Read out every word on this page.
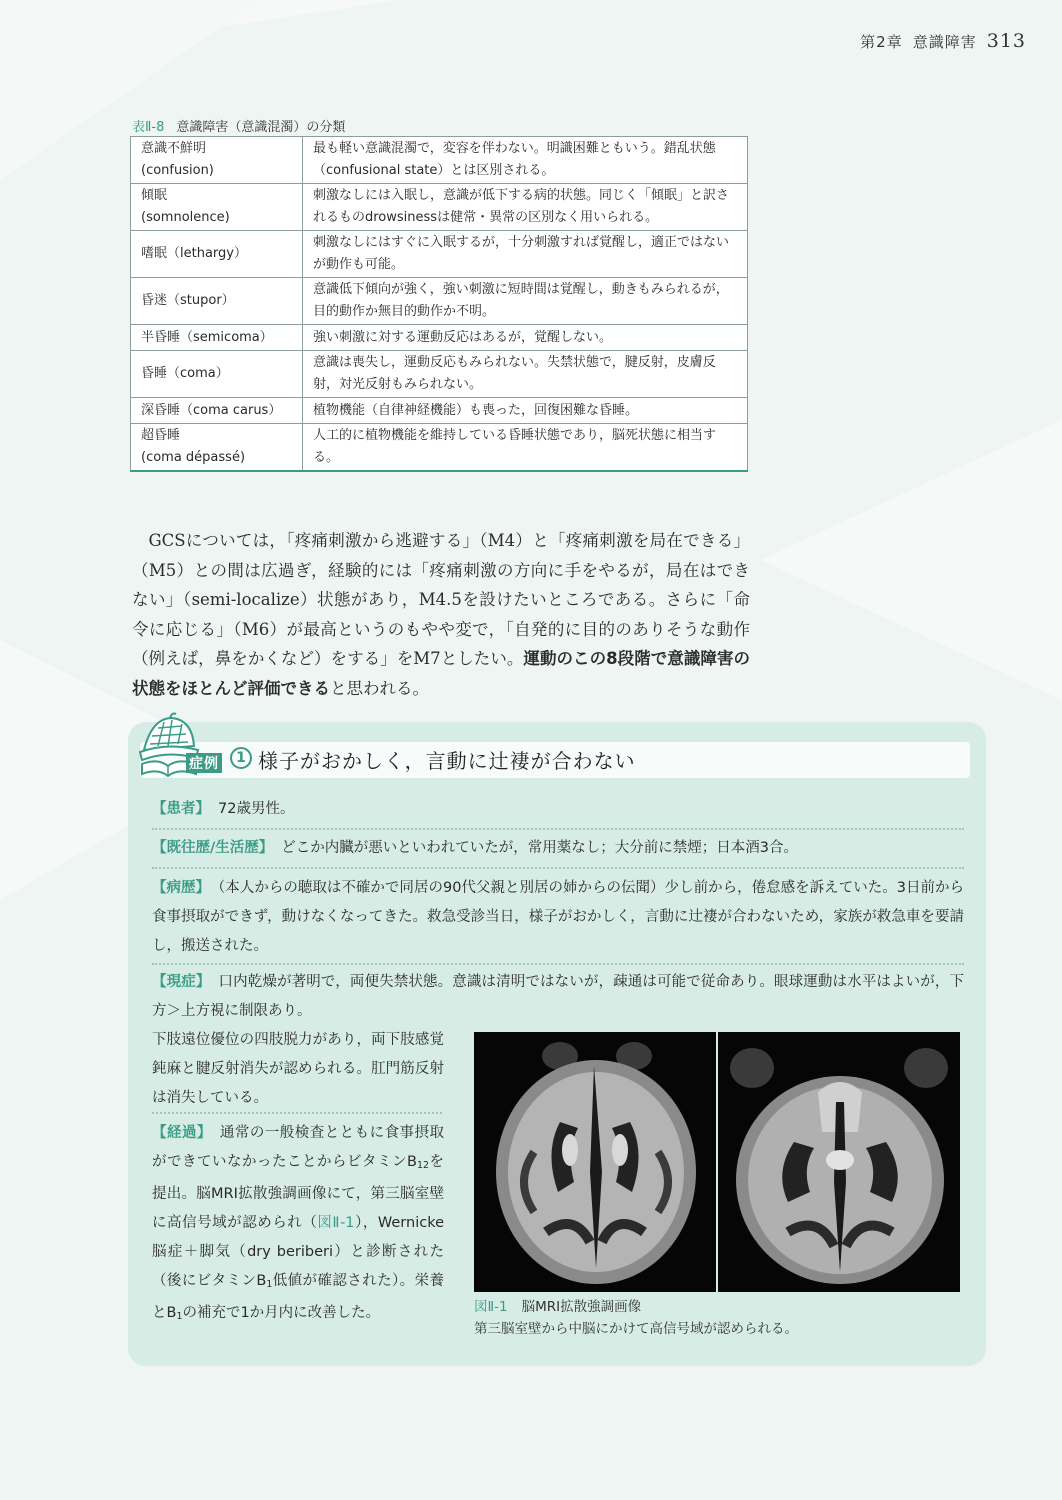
第2章 意識障害 313
表Ⅱ-8 意識障害（意識混濁）の分類
意識不鮮明
(confusion)	最も軽い意識混濁で，変容を伴わない。明識困難ともいう。錯乱状態（confusional state）とは区別される。
傾眠
(somnolence)	刺激なしには入眠し，意識が低下する病的状態。同じく「傾眠」と訳されるものdrowsinessは健常・異常の区別なく用いられる。
嗜眠（lethargy）	刺激なしにはすぐに入眠するが，十分刺激すれば覚醒し，適正ではないが動作も可能。
昏迷（stupor）	意識低下傾向が強く，強い刺激に短時間は覚醒し，動きもみられるが，目的動作か無目的動作か不明。
半昏睡（semicoma）	強い刺激に対する運動反応はあるが，覚醒しない。
昏睡（coma）	意識は喪失し，運動反応もみられない。失禁状態で，腱反射，皮膚反射，対光反射もみられない。
深昏睡（coma carus）	植物機能（自律神経機能）も喪った，回復困難な昏睡。
超昏睡
(coma dépassé)	人工的に植物機能を維持している昏睡状態であり，脳死状態に相当する。

GCSについては，「疼痛刺激から逃避する」（M4）と「疼痛刺激を局在できる」（M5）との間は広過ぎ，経験的には「疼痛刺激の方向に手をやるが，局在はできない」（semi-localize）状態があり，M4.5を設けたいところである。さらに「命令に応じる」（M6）が最高というのもやや変で，「自発的に目的のありそうな動作（例えば，鼻をかくなど）をする」をM7としたい。運動のこの8段階で意識障害の状態をほとんど評価できると思われる。

症例	1 様子がおかしく，言動に辻褄が合わない
【患者】 72歳男性。
【既往歴/生活歴】 どこか内臓が悪いといわれていたが，常用薬なし；大分前に禁煙；日本酒3合。
【病歴】 （本人からの聴取は不確かで同居の90代父親と別居の姉からの伝聞）少し前から，倦怠感を訴えていた。3日前から食事摂取ができず，動けなくなってきた。救急受診当日，様子がおかしく，言動に辻褄が合わないため，家族が救急車を要請し，搬送された。
【現症】 口内乾燥が著明で，両便失禁状態。意識は清明ではないが，疎通は可能で従命あり。眼球運動は水平はよいが，下方＞上方視に制限あり。
下肢遠位優位の四肢脱力があり，両下肢感覚鈍麻と腱反射消失が認められる。肛門筋反射は消失している。
【経過】 通常の一般検査とともに食事摂取ができていなかったことからビタミン$B_{12}$を提出。脳MRI拡散強調画像にて，第三脳室壁に高信号域が認められ（図Ⅱ-1），Wernicke脳症＋脚気（dry beriberi）と診断された（後にビタミン$B_1$低値が確認された）。栄養と$B_1$の補充で1か月内に改善した。	図Ⅱ-1 脳MRI拡散強調画像
第三脳室壁から中脳にかけて高信号域が認められる。
